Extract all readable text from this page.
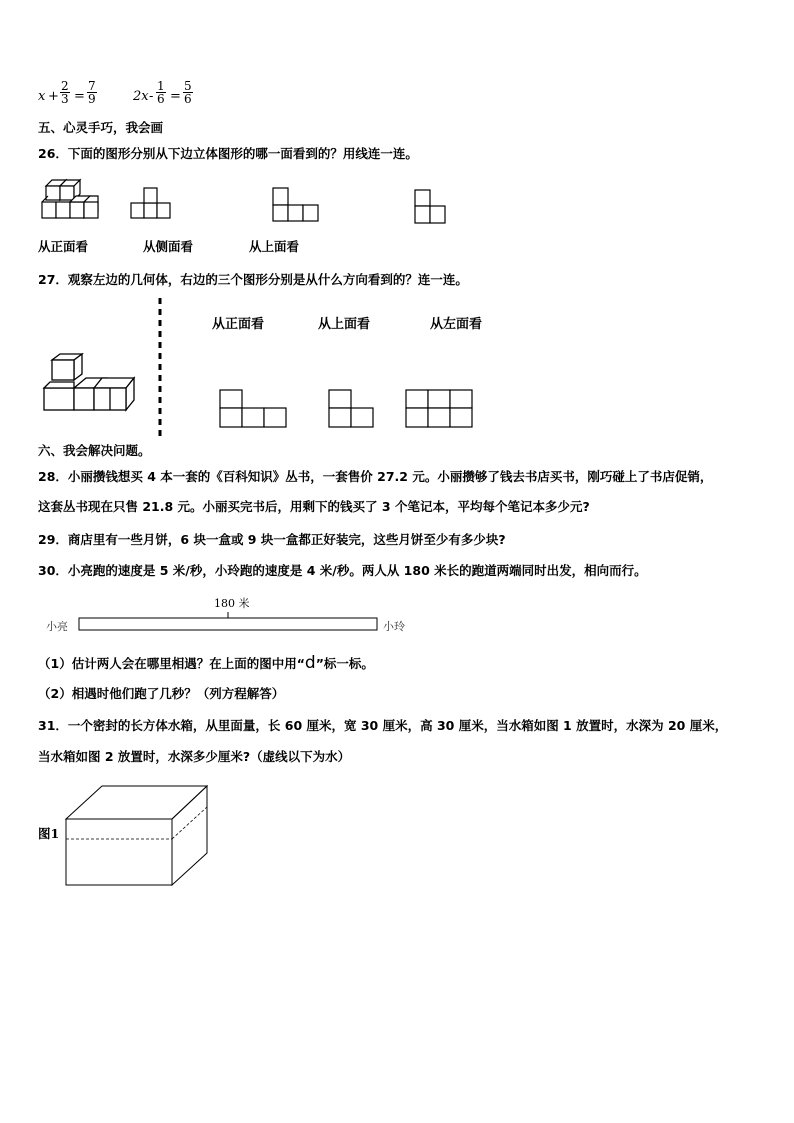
$x + \frac{2}{3} = \frac{7}{9}$	$2x - \frac{1}{6} = \frac{5}{6}$
五、心灵手巧，我会画
26．下面的图形分别从下边立体图形的哪一面看到的？用线连一连。
从正面看	从侧面看	从上面看
27．观察左边的几何体，右边的三个图形分别是从什么方向看到的？连一连。
从正面看	从上面看	从左面看
六、我会解决问题。
28．小丽攒钱想买 4 本一套的《百科知识》丛书，一套售价 27.2 元。小丽攒够了钱去书店买书，刚巧碰上了书店促销，
这套丛书现在只售 21.8 元。小丽买完书后，用剩下的钱买了 3 个笔记本，平均每个笔记本多少元?
29．商店里有一些月饼，6 块一盒或 9 块一盒都正好装完，这些月饼至少有多少块?
30．小亮跑的速度是 5 米/秒，小玲跑的速度是 4 米/秒。两人从 180 米长的跑道两端同时出发，相向而行。
180 米
小亮	小玲
（1）估计两人会在哪里相遇？在上面的图中用“d”标一标。
（2）相遇时他们跑了几秒？（列方程解答）
31．一个密封的长方体水箱，从里面量，长 60 厘米，宽 30 厘米，高 30 厘米，当水箱如图 1 放置时，水深为 20 厘米，
当水箱如图 2 放置时，水深多少厘米?（虚线以下为水）
图1
